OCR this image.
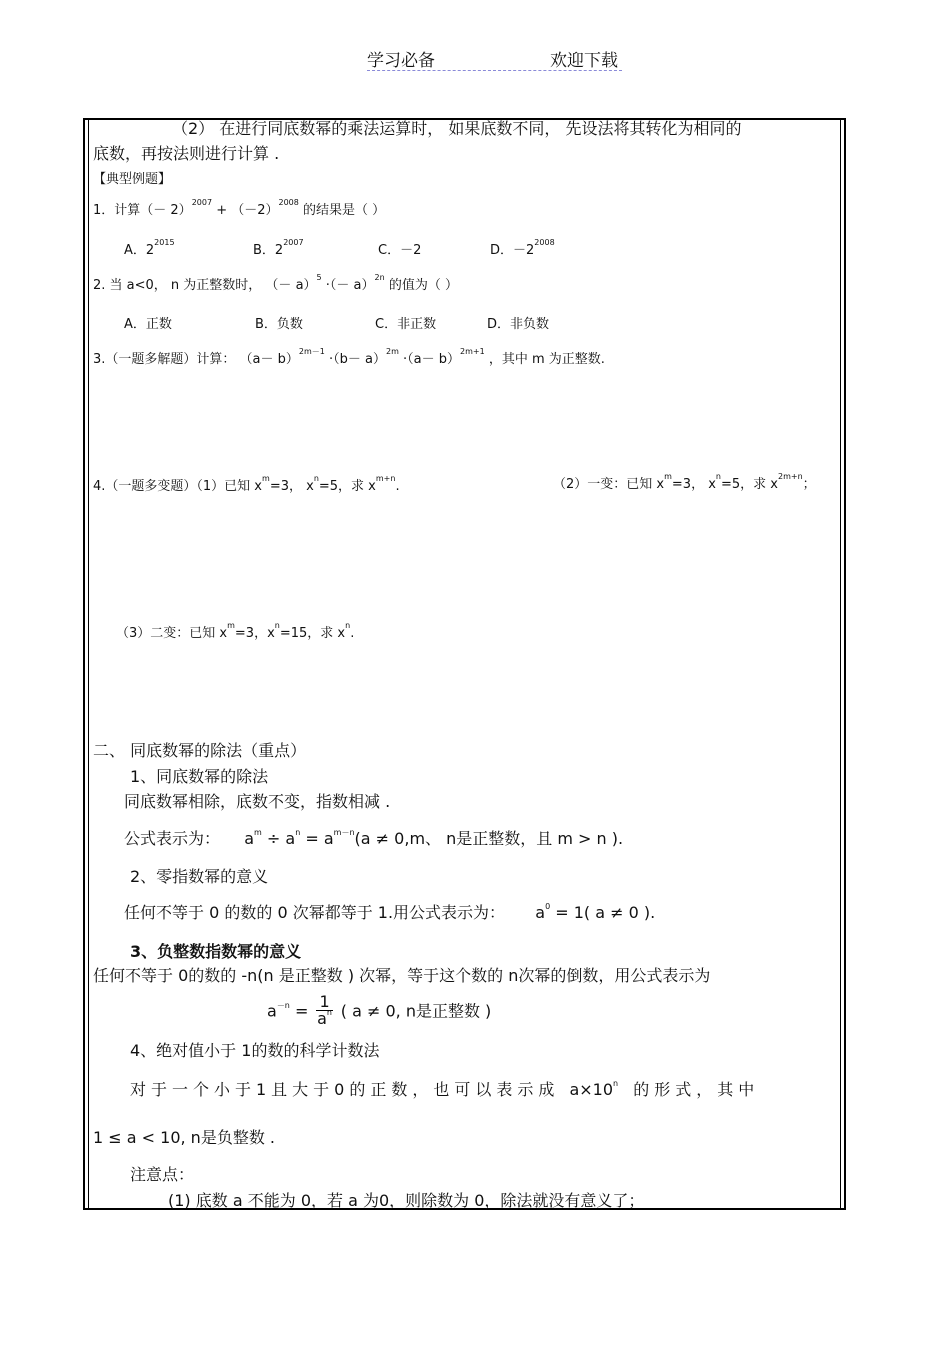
学习必备	欢迎下载
（2） 在进行同底数幂的乘法运算时， 如果底数不同， 先设法将其转化为相同的
底数，再按法则进行计算 .
【典型例题】
1．计算（－ $2)^{2007} + (-2)^{2008}$ 的结果是（ ）
A．$2^{2015}$
B．$2^{2007}$
C．－2	D．$-2^{2008}$
2. 当 a<0， n 为正整数时， （－ a）$^5$ ·（－ a）$^{2n}$ 的值为（ ）
A．正数	B．负数	C．非正数	D．非负数
3.（一题多解题）计算： $(a- b)^{2m-1} \cdot(b- a)^{2m} \cdot(a- b)^{2m+1}$ ，其中 m 为正整数.
4.（一题多变题）（1）已知 $x^m=3$， $x^n=5$，求 $x^{m+n}$.	（2）一变：已知 $x^m=3$， $x^n=5$，求 $x^{2m+n}$；
（3）二变：已知 $x^m=3$，$x^n=15$，求 $x^n$.
二、 同底数幂的除法（重点）
1、同底数幂的除法
同底数幂相除，底数不变，指数相减 .
公式表示为： $a^m \div a^n = a^{m-n}(a \ne 0,m$、 n是正整数，且 m > n ).
2、零指数幂的意义
任何不等于 0 的数的 0 次幂都等于 1.用公式表示为： $a^0 = 1$( a ≠ 0 ).
3、负整数指数幂的意义
任何不等于 0的数的 -n(n 是正整数 ) 次幂，等于这个数的 n次幂的倒数，用公式表示为
$a^{-n} = \frac{1}{a^n}$ ( a ≠ 0, n是正整数 )
4、绝对值小于 1的数的科学计数法
对于一个小于1且大于0的正数，也可以表示成 $a\times 10^n$ 的形式，其中
1 ≤ a < 10, n是负整数 .
注意点：
(1) 底数 a 不能为 0，若 a 为0，则除数为 0，除法就没有意义了；
